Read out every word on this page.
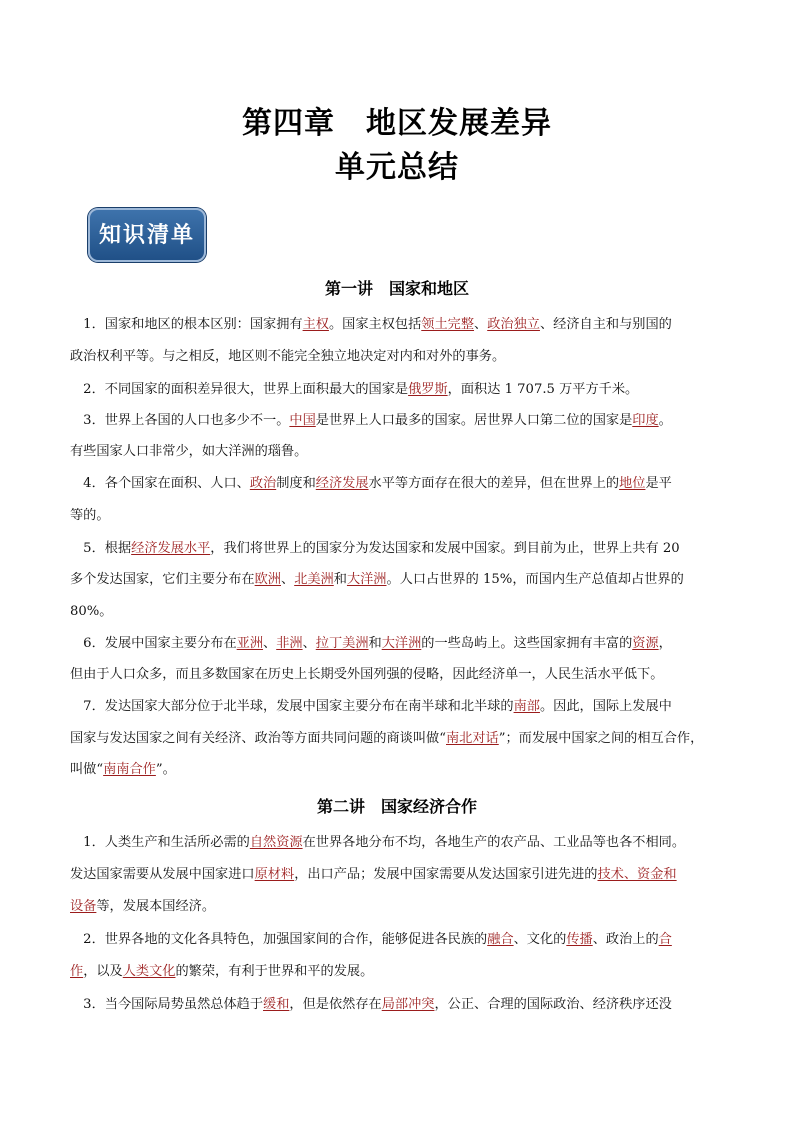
第四章　地区发展差异
单元总结
知识清单
第一讲　国家和地区
第二讲　国家经济合作
　1．国家和地区的根本区别：国家拥有主权。国家主权包括领土完整、政治独立、经济自主和与别国的
政治权利平等。与之相反，地区则不能完全独立地决定对内和对外的事务。
　2．不同国家的面积差异很大，世界上面积最大的国家是俄罗斯，面积达 1 707.5 万平方千米。
　3．世界上各国的人口也多少不一。中国是世界上人口最多的国家。居世界人口第二位的国家是印度。
有些国家人口非常少，如大洋洲的瑙鲁。
　4．各个国家在面积、人口、政治制度和经济发展水平等方面存在很大的差异，但在世界上的地位是平
等的。
　5．根据经济发展水平，我们将世界上的国家分为发达国家和发展中国家。到目前为止，世界上共有 20
多个发达国家，它们主要分布在欧洲、北美洲和大洋洲。人口占世界的 15%，而国内生产总值却占世界的
80%。
　6．发展中国家主要分布在亚洲、非洲、拉丁美洲和大洋洲的一些岛屿上。这些国家拥有丰富的资源，
但由于人口众多，而且多数国家在历史上长期受外国列强的侵略，因此经济单一，人民生活水平低下。
　7．发达国家大部分位于北半球，发展中国家主要分布在南半球和北半球的南部。因此，国际上发展中
国家与发达国家之间有关经济、政治等方面共同问题的商谈叫做“南北对话”；而发展中国家之间的相互合作，
叫做“南南合作”。
　1．人类生产和生活所必需的自然资源在世界各地分布不均，各地生产的农产品、工业品等也各不相同。
发达国家需要从发展中国家进口原材料，出口产品；发展中国家需要从发达国家引进先进的技术、资金和
设备等，发展本国经济。
　2．世界各地的文化各具特色，加强国家间的合作，能够促进各民族的融合、文化的传播、政治上的合
作，以及人类文化的繁荣，有利于世界和平的发展。
　3．当今国际局势虽然总体趋于缓和，但是依然存在局部冲突，公正、合理的国际政治、经济秩序还没
